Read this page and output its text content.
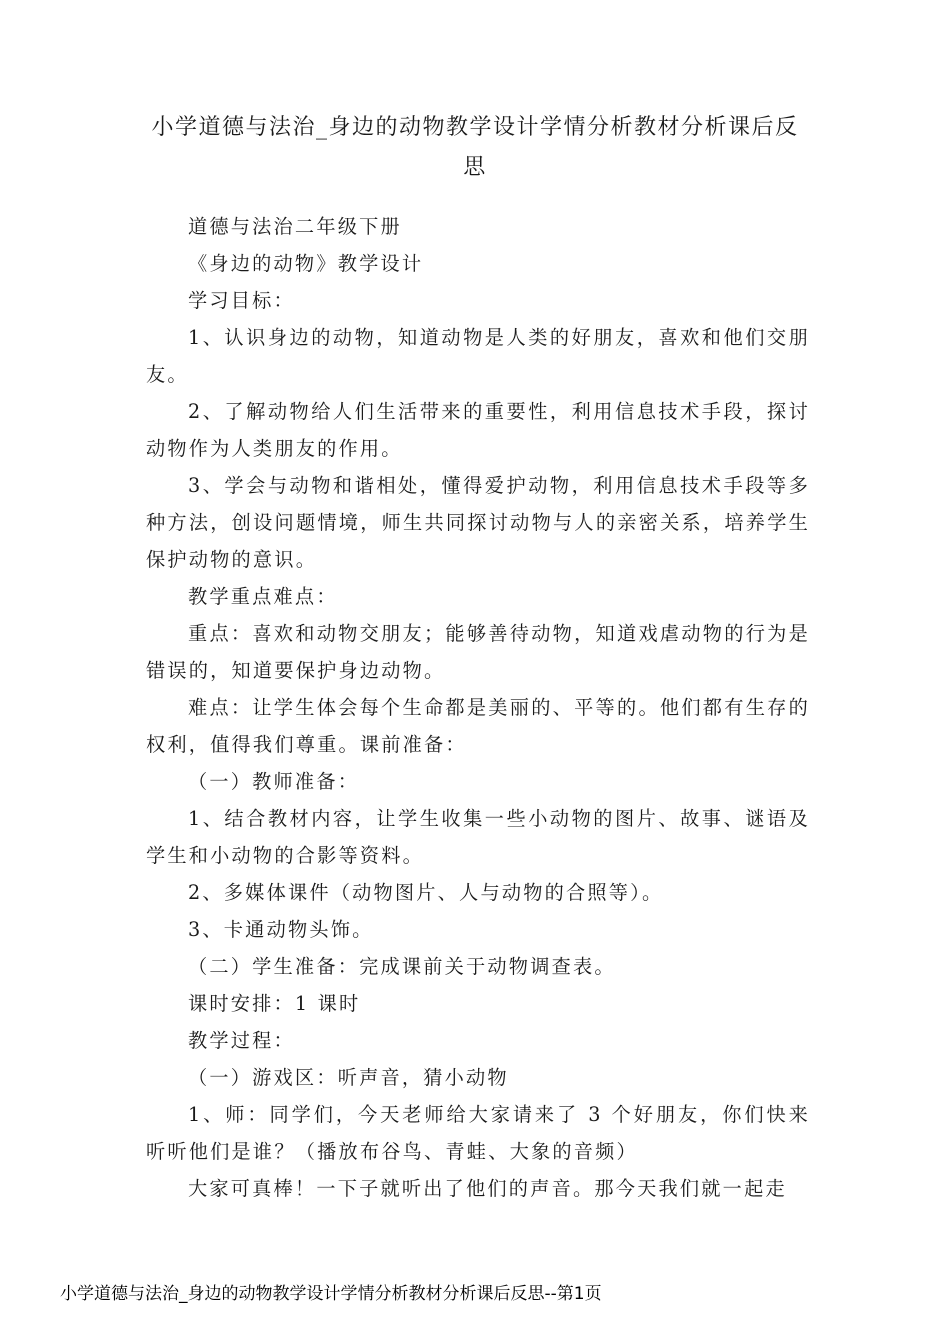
小学道德与法治_身边的动物教学设计学情分析教材分析课后反思

道德与法治二年级下册

《身边的动物》教学设计

学习目标：

1、认识身边的动物，知道动物是人类的好朋友，喜欢和他们交朋友。

2、了解动物给人们生活带来的重要性，利用信息技术手段，探讨动物作为人类朋友的作用。

3、学会与动物和谐相处，懂得爱护动物，利用信息技术手段等多种方法，创设问题情境，师生共同探讨动物与人的亲密关系，培养学生保护动物的意识。

教学重点难点：

重点：喜欢和动物交朋友；能够善待动物，知道戏虐动物的行为是错误的，知道要保护身边动物。

难点：让学生体会每个生命都是美丽的、平等的。他们都有生存的权利，值得我们尊重。课前准备：

（一）教师准备：

1、结合教材内容，让学生收集一些小动物的图片、故事、谜语及学生和小动物的合影等资料。

2、多媒体课件（动物图片、人与动物的合照等）。

3、卡通动物头饰。

（二）学生准备：完成课前关于动物调查表。

课时安排：1 课时

教学过程：

（一）游戏区：听声音，猜小动物

1、师：同学们，今天老师给大家请来了 3 个好朋友，你们快来听听他们是谁？（播放布谷鸟、青蛙、大象的音频）

大家可真棒！一下子就听出了他们的声音。那今天我们就一起走

小学道德与法治_身边的动物教学设计学情分析教材分析课后反思--第1页
